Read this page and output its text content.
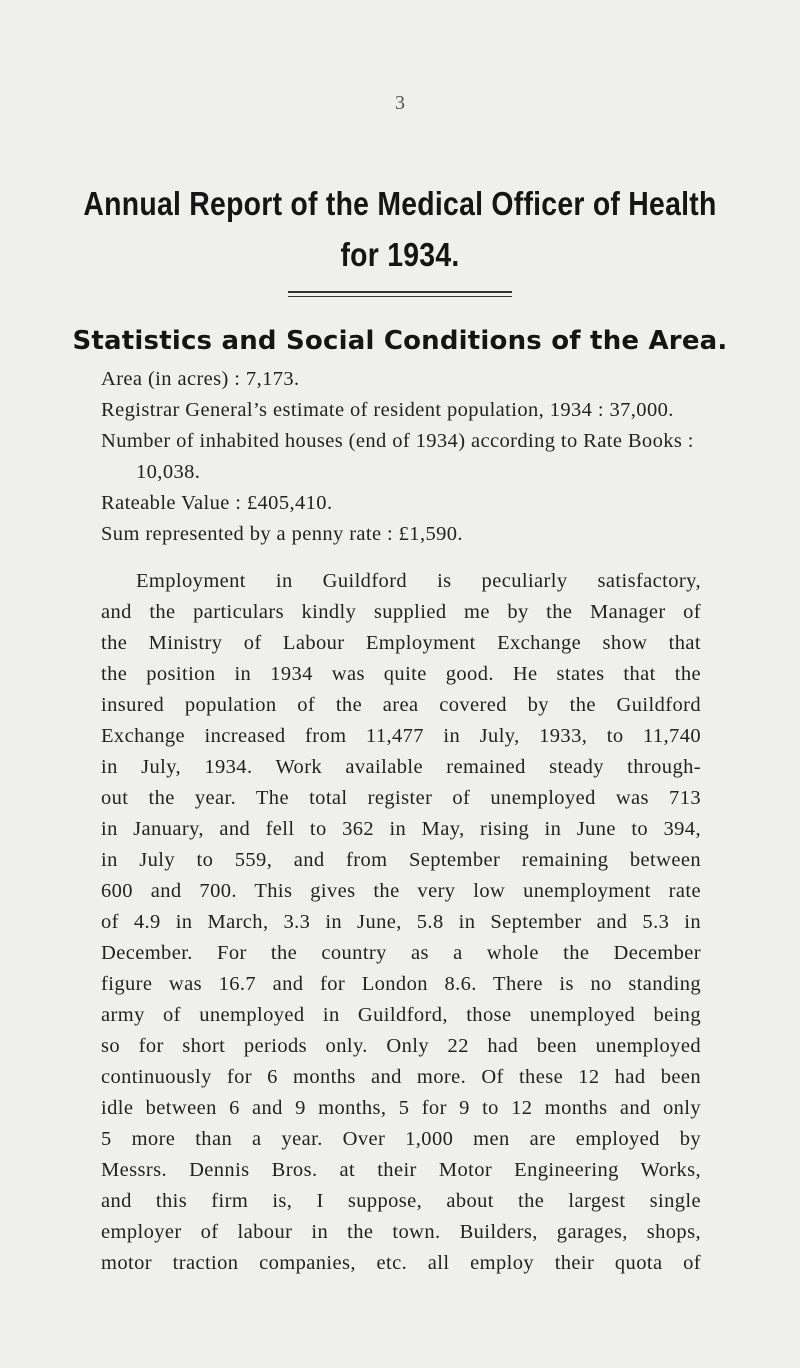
3
Annual Report of the Medical Officer of Health
for 1934.
Statistics and Social Conditions of the Area.
Area (in acres) : 7,173.
Registrar General’s estimate of resident population, 1934 : 37,000.
Number of inhabited houses (end of 1934) according to Rate Books : 10,038.
Rateable Value : £405,410.
Sum represented by a penny rate : £1,590.
Employment in Guildford is peculiarly satisfactory,
and the particulars kindly supplied me by the Manager of
the Ministry of Labour Employment Exchange show that
the position in 1934 was quite good. He states that the
insured population of the area covered by the Guildford
Exchange increased from 11,477 in July, 1933, to 11,740
in July, 1934. Work available remained steady through-
out the year. The total register of unemployed was 713
in January, and fell to 362 in May, rising in June to 394,
in July to 559, and from September remaining between
600 and 700. This gives the very low unemployment rate
of 4.9 in March, 3.3 in June, 5.8 in September and 5.3 in
December. For the country as a whole the December
figure was 16.7 and for London 8.6. There is no standing
army of unemployed in Guildford, those unemployed being
so for short periods only. Only 22 had been unemployed
continuously for 6 months and more. Of these 12 had been
idle between 6 and 9 months, 5 for 9 to 12 months and only
5 more than a year. Over 1,000 men are employed by
Messrs. Dennis Bros. at their Motor Engineering Works,
and this firm is, I suppose, about the largest single
employer of labour in the town. Builders, garages, shops,
motor traction companies, etc. all employ their quota of
